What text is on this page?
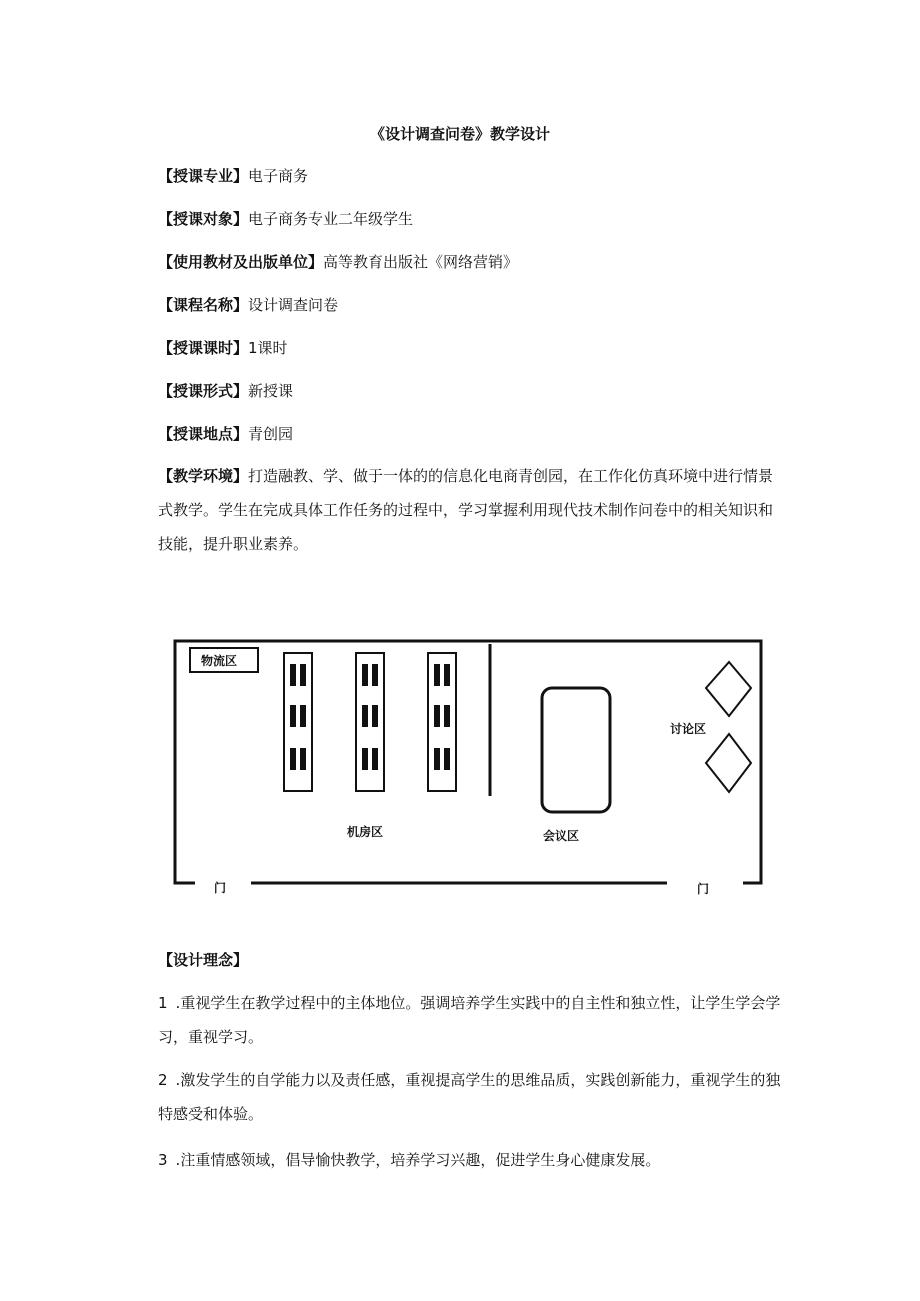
《设计调查问卷》教学设计
【授课专业】电子商务
【授课对象】电子商务专业二年级学生
【使用教材及出版单位】高等教育出版社《网络营销》
【课程名称】设计调查问卷
【授课课时】1课时
【授课形式】新授课
【授课地点】青创园
【教学环境】打造融教、学、做于一体的的信息化电商青创园，在工作化仿真环境中进行情景式教学。学生在完成具体工作任务的过程中，学习掌握利用现代技术制作问卷中的相关知识和技能，提升职业素养。
物流区
机房区	会议区
讨论区
门	门
【设计理念】
1 .重视学生在教学过程中的主体地位。强调培养学生实践中的自主性和独立性，让学生学会学习，重视学习。
2 .激发学生的自学能力以及责任感，重视提高学生的思维品质，实践创新能力，重视学生的独特感受和体验。
3 .注重情感领域，倡导愉快教学，培养学习兴趣，促进学生身心健康发展。
